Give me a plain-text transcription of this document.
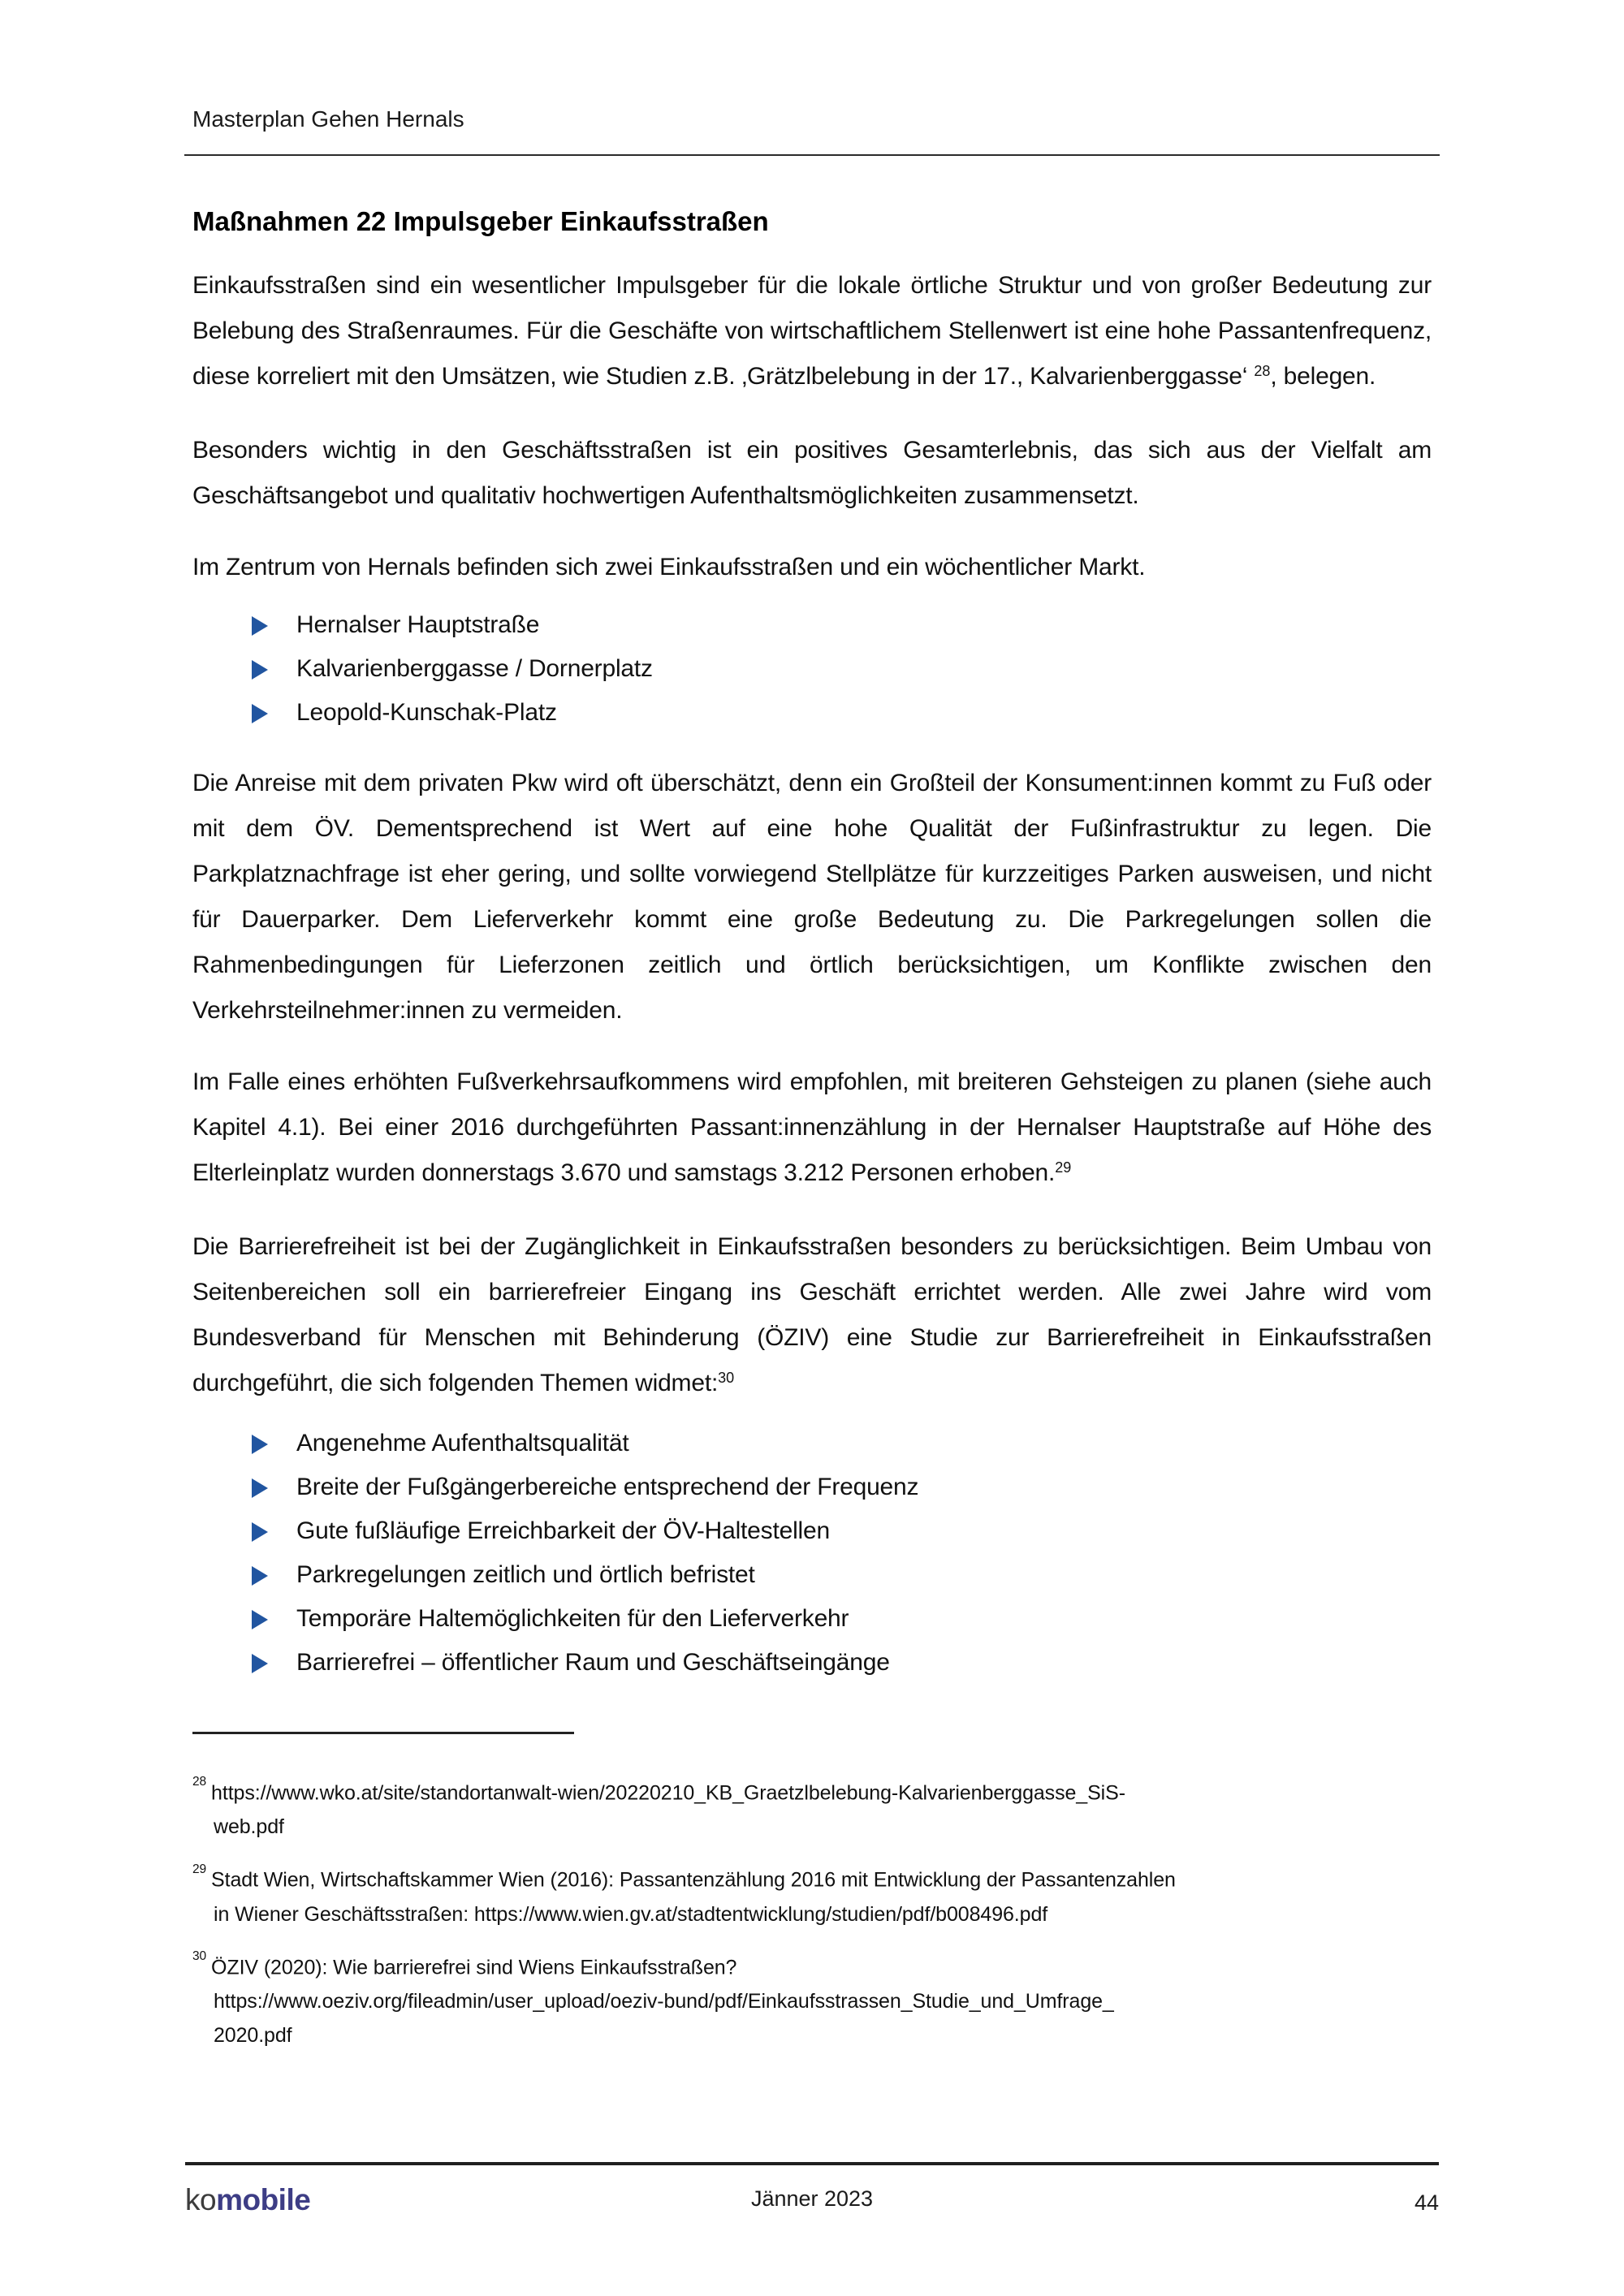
Masterplan Gehen Hernals
Maßnahmen 22 Impulsgeber Einkaufsstraßen
Einkaufsstraßen sind ein wesentlicher Impulsgeber für die lokale örtliche Struktur und von großer Bedeutung zur Belebung des Straßenraumes. Für die Geschäfte von wirtschaftlichem Stellenwert ist eine hohe Passantenfrequenz, diese korreliert mit den Umsätzen, wie Studien z.B. ‚Grätzlbelebung in der 17., Kalvarienberggasse‘ $^{28}$, belegen.
Besonders wichtig in den Geschäftsstraßen ist ein positives Gesamterlebnis, das sich aus der Vielfalt am Geschäftsangebot und qualitativ hochwertigen Aufenthaltsmöglichkeiten zusammensetzt.
Im Zentrum von Hernals befinden sich zwei Einkaufsstraßen und ein wöchentlicher Markt.
Hernalser Hauptstraße
Kalvarienberggasse / Dornerplatz
Leopold-Kunschak-Platz
Die Anreise mit dem privaten Pkw wird oft überschätzt, denn ein Großteil der Konsument:innen kommt zu Fuß oder mit dem ÖV. Dementsprechend ist Wert auf eine hohe Qualität der Fußinfrastruktur zu legen. Die Parkplatznachfrage ist eher gering, und sollte vorwiegend Stellplätze für kurzzeitiges Parken ausweisen, und nicht für Dauerparker. Dem Lieferverkehr kommt eine große Bedeutung zu. Die Parkregelungen sollen die Rahmenbedingungen für Lieferzonen zeitlich und örtlich berücksichtigen, um Konflikte zwischen den Verkehrsteilnehmer:innen zu vermeiden.
Im Falle eines erhöhten Fußverkehrsaufkommens wird empfohlen, mit breiteren Gehsteigen zu planen (siehe auch Kapitel 4.1). Bei einer 2016 durchgeführten Passant:innenzählung in der Hernalser Hauptstraße auf Höhe des Elterleinplatz wurden donnerstags 3.670 und samstags 3.212 Personen erhoben.$^{29}$
Die Barrierefreiheit ist bei der Zugänglichkeit in Einkaufsstraßen besonders zu berücksichtigen. Beim Umbau von Seitenbereichen soll ein barrierefreier Eingang ins Geschäft errichtet werden. Alle zwei Jahre wird vom Bundesverband für Menschen mit Behinderung (ÖZIV) eine Studie zur Barrierefreiheit in Einkaufsstraßen durchgeführt, die sich folgenden Themen widmet:$^{30}$
Angenehme Aufenthaltsqualität
Breite der Fußgängerbereiche entsprechend der Frequenz
Gute fußläufige Erreichbarkeit der ÖV-Haltestellen
Parkregelungen zeitlich und örtlich befristet
Temporäre Haltemöglichkeiten für den Lieferverkehr
Barrierefrei – öffentlicher Raum und Geschäftseingänge
$^{28}$ https://www.wko.at/site/standortanwalt-wien/20220210_KB_Graetzlbelebung-Kalvarienberggasse_SiS-
web.pdf
$^{29}$ Stadt Wien, Wirtschaftskammer Wien (2016): Passantenzählung 2016 mit Entwicklung der Passantenzahlen
in Wiener Geschäftsstraßen: https://www.wien.gv.at/stadtentwicklung/studien/pdf/b008496.pdf
$^{30}$ ÖZIV (2020): Wie barrierefrei sind Wiens Einkaufsstraßen?
https://www.oeziv.org/fileadmin/user_upload/oeziv-bund/pdf/Einkaufsstrassen_Studie_und_Umfrage_
2020.pdf
komobile	Jänner 2023	44
